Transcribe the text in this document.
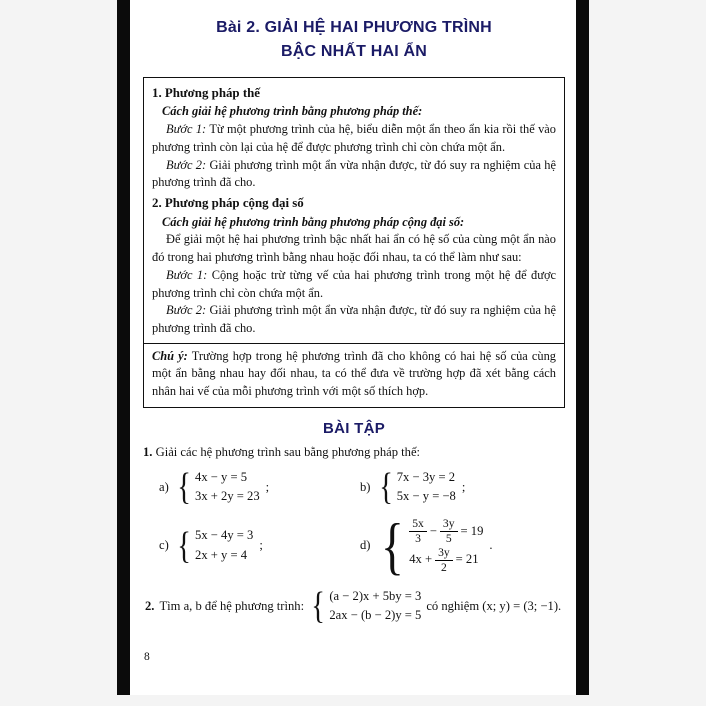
Bài 2. GIẢI HỆ HAI PHƯƠNG TRÌNH
BẬC NHẤT HAI ẨN
1. Phương pháp thế
Cách giải hệ phương trình bằng phương pháp thế:

Bước 1: Từ một phương trình của hệ, biểu diễn một ẩn theo ẩn kia rồi thế vào phương trình còn lại của hệ để được phương trình chỉ còn chứa một ẩn.

Bước 2: Giải phương trình một ẩn vừa nhận được, từ đó suy ra nghiệm của hệ phương trình đã cho.

2. Phương pháp cộng đại số
Cách giải hệ phương trình bằng phương pháp cộng đại số:

Để giải một hệ hai phương trình bậc nhất hai ẩn có hệ số của cùng một ẩn nào đó trong hai phương trình bằng nhau hoặc đối nhau, ta có thể làm như sau:

Bước 1: Cộng hoặc trừ từng vế của hai phương trình trong một hệ để được phương trình chỉ còn chứa một ẩn.

Bước 2: Giải phương trình một ẩn vừa nhận được, từ đó suy ra nghiệm của hệ phương trình đã cho.

Chú ý: Trường hợp trong hệ phương trình đã cho không có hai hệ số của cùng một ẩn bằng nhau hay đối nhau, ta có thể đưa về trường hợp đã xét bằng cách nhân hai vế của mỗi phương trình với một số thích hợp.

BÀI TẬP

1. Giải các hệ phương trình sau bằng phương pháp thế:

a) { 4x − y = 5
3x + 2y = 23
;	b) { 7x − 3y = 2
5x − y = −8
;
c) { 5x − 4y = 3
2x + y = 4
;	d) { $\frac{5x}{3} - \frac{3y}{5} = 19$
$4x + \frac{3y}{2} = 21$
.
2. Tìm a, b để hệ phương trình: { (a − 2)x + 5by = 3
2ax − (b − 2)y = 5
có nghiệm (x; y) = (3; −1).
8
